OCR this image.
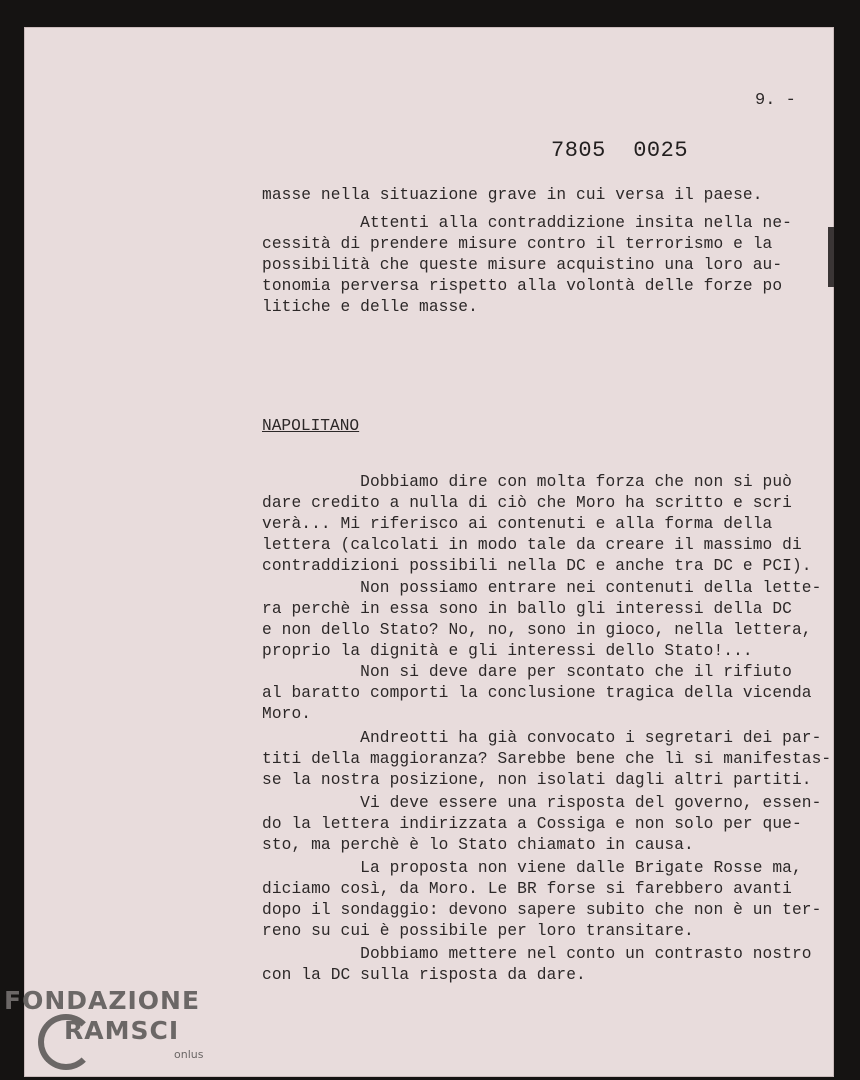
9. -
7805  0025
NAPOLITANO
FONDAZIONE
RAMSCI
onlus
masse nella situazione grave in cui versa il paese.
Attenti alla contraddizione insita nella ne-
cessità di prendere misure contro il terrorismo e la
possibilità che queste misure acquistino una loro au-
tonomia perversa rispetto alla volontà delle forze po
litiche e delle masse.
Dobbiamo dire con molta forza che non si può
dare credito a nulla di ciò che Moro ha scritto e scri
verà... Mi riferisco ai contenuti e alla forma della
lettera (calcolati in modo tale da creare il massimo di
contraddizioni possibili nella DC e anche tra DC e PCI).
Non possiamo entrare nei contenuti della lette-
ra perchè in essa sono in ballo gli interessi della DC
e non dello Stato? No, no, sono in gioco, nella lettera,
proprio la dignità e gli interessi dello Stato!...
Non si deve dare per scontato che il rifiuto
al baratto comporti la conclusione tragica della vicenda
Moro.
Andreotti ha già convocato i segretari dei par-
titi della maggioranza? Sarebbe bene che lì si manifestas-
se la nostra posizione, non isolati dagli altri partiti.
Vi deve essere una risposta del governo, essen-
do la lettera indirizzata a Cossiga e non solo per que-
sto, ma perchè è lo Stato chiamato in causa.
La proposta non viene dalle Brigate Rosse ma,
diciamo così, da Moro. Le BR forse si farebbero avanti
dopo il sondaggio: devono sapere subito che non è un ter-
reno su cui è possibile per loro transitare.
Dobbiamo mettere nel conto un contrasto nostro
con la DC sulla risposta da dare.
